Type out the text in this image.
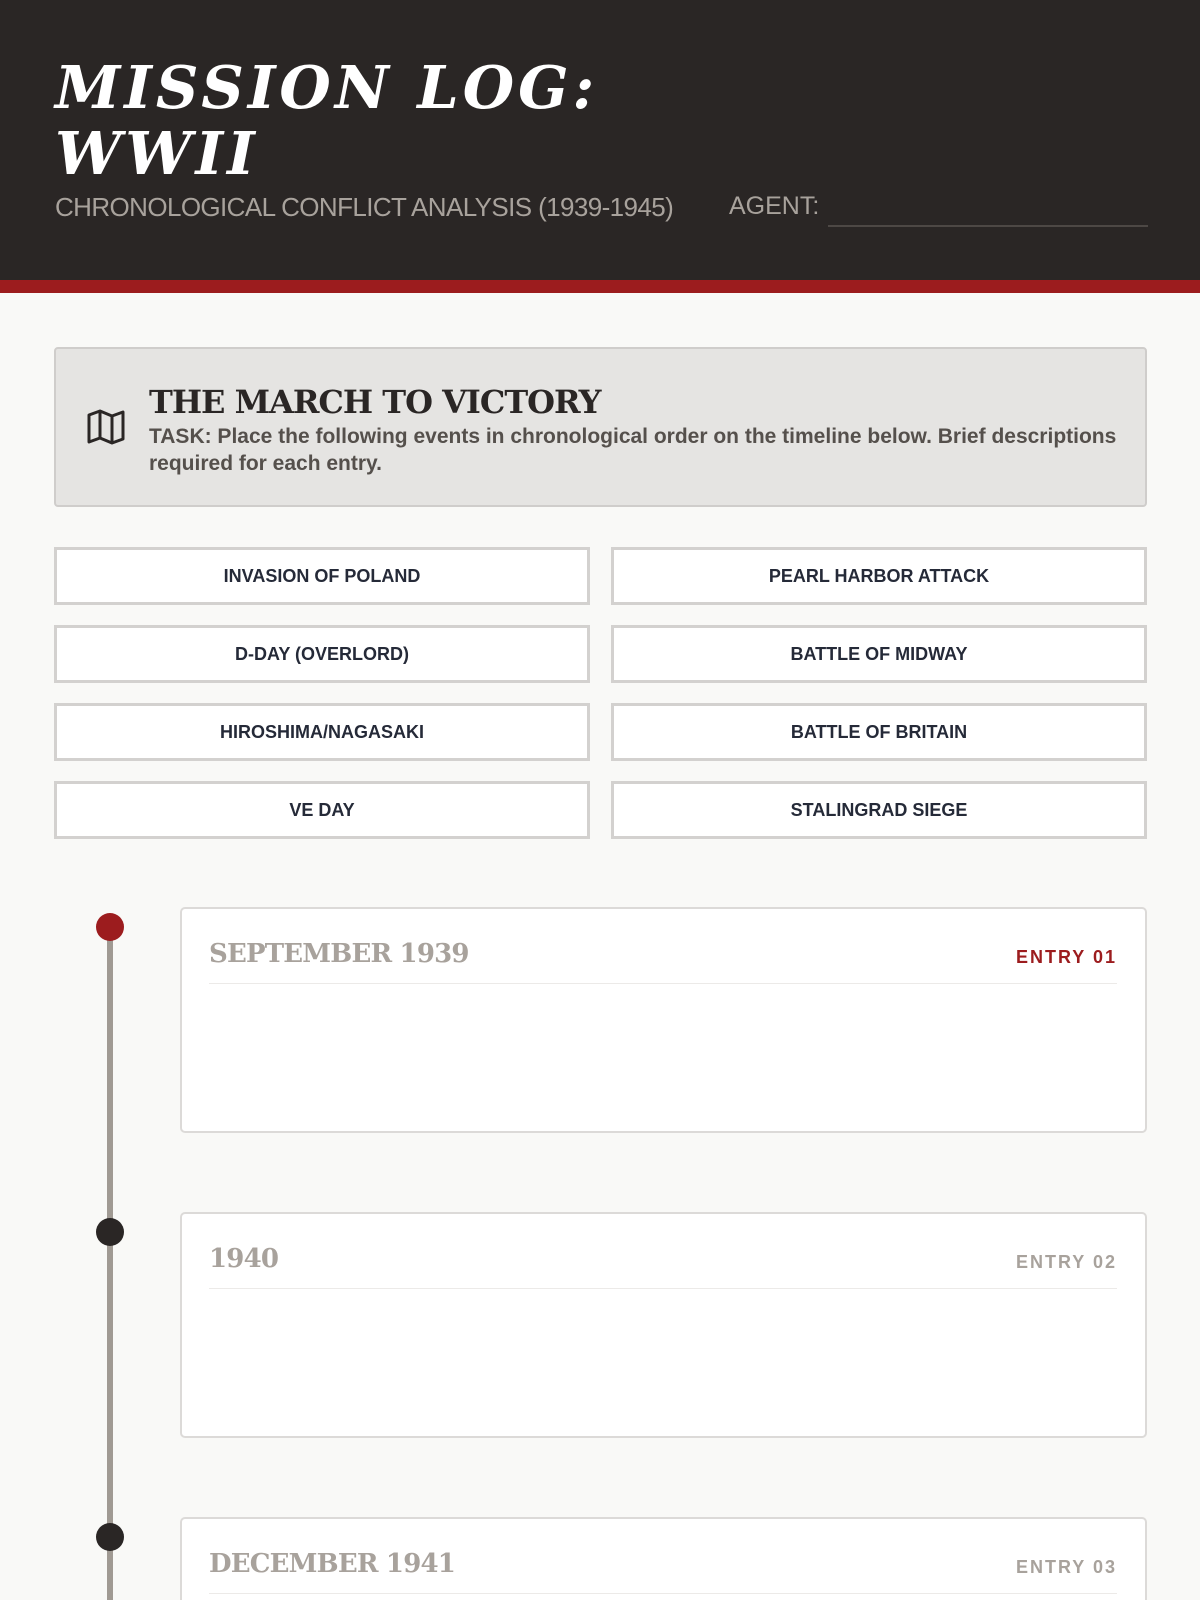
MISSION LOG: WWII
CHRONOLOGICAL CONFLICT ANALYSIS (1939-1945) AGENT:
THE MARCH TO VICTORY
TASK: Place the following events in chronological order on the timeline below. Brief descriptions required for each entry.
INVASION OF POLAND	PEARL HARBOR ATTACK
D-DAY (OVERLORD)	BATTLE OF MIDWAY
HIROSHIMA/NAGASAKI	BATTLE OF BRITAIN
VE DAY	STALINGRAD SIEGE
SEPTEMBER 1939	ENTRY 01
1940	ENTRY 02
DECEMBER 1941	ENTRY 03
